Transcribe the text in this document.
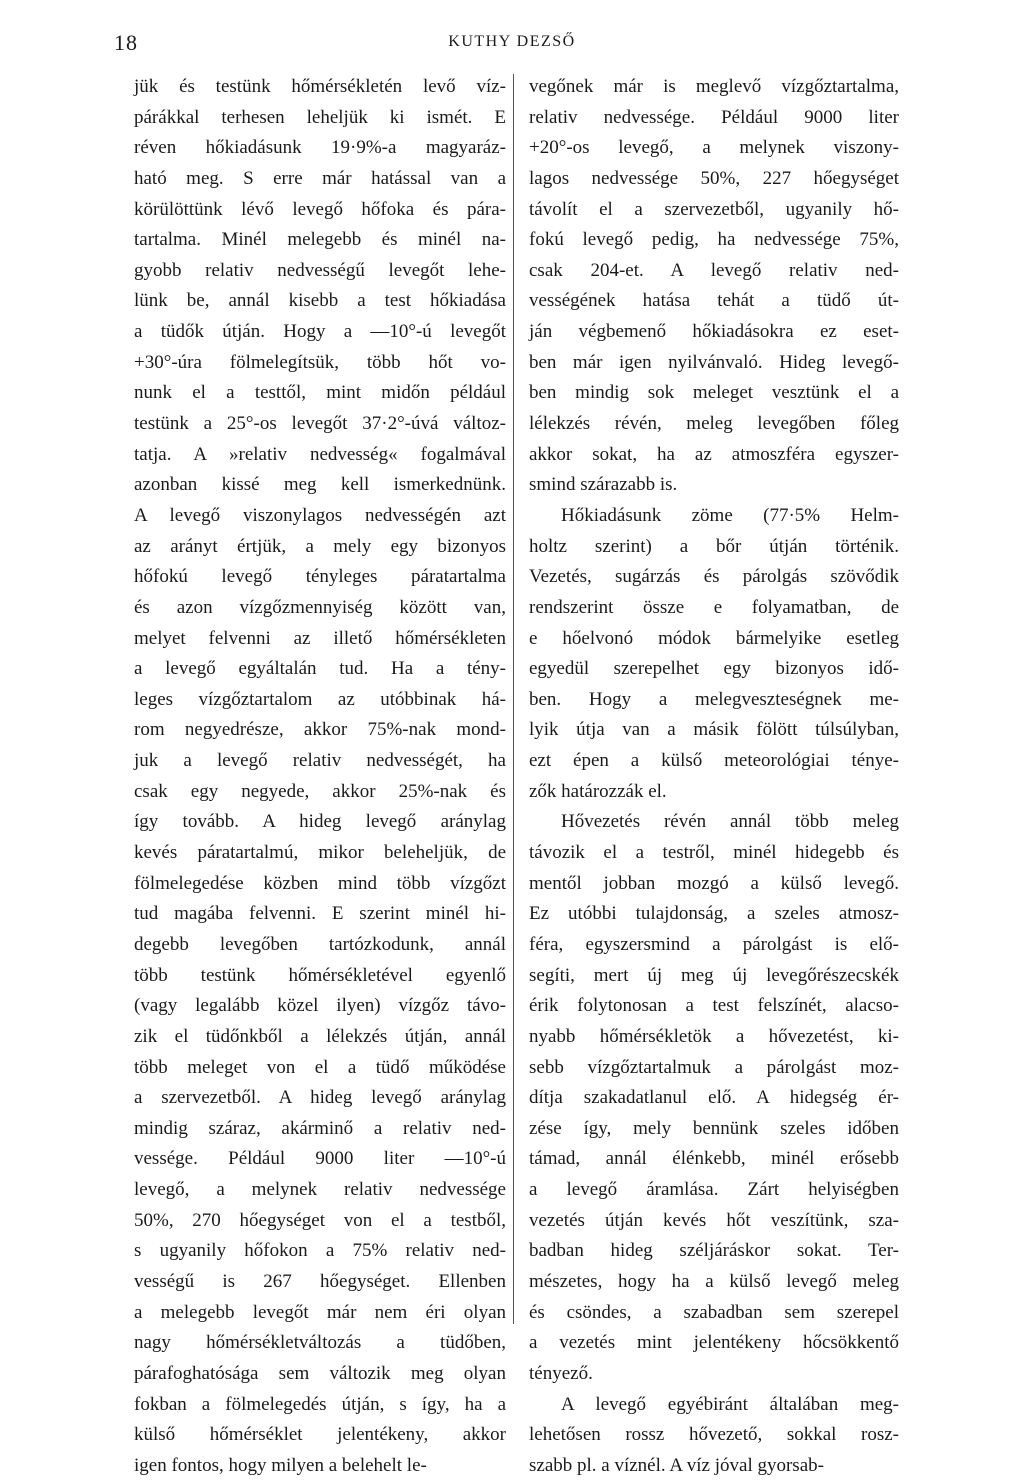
18	KUTHY DEZSŐ
jük és testünk hőmérsékletén levő víz-
párákkal terhesen leheljük ki ismét. E
réven hőkiadásunk 19·9%-a magyaráz-
ható meg. S erre már hatással van a
körülöttünk lévő levegő hőfoka és pára-
tartalma. Minél melegebb és minél na-
gyobb relativ nedvességű levegőt lehe-
lünk be, annál kisebb a test hőkiadása
a tüdők útján. Hogy a —10°-ú levegőt
+30°-úra fölmelegítsük, több hőt vo-
nunk el a testtől, mint midőn például
testünk a 25°-os levegőt 37·2°-úvá változ-
tatja. A »relativ nedvesség« fogalmával
azonban kissé meg kell ismerkednünk.
A levegő viszonylagos nedvességén azt
az arányt értjük, a mely egy bizonyos
hőfokú levegő tényleges páratartalma
és azon vízgőzmennyiség között van,
melyet felvenni az illető hőmérsékleten
a levegő egyáltalán tud. Ha a tény-
leges vízgőztartalom az utóbbinak há-
rom negyedrésze, akkor 75%-nak mond-
juk a levegő relativ nedvességét, ha
csak egy negyede, akkor 25%-nak és
így tovább. A hideg levegő aránylag
kevés páratartalmú, mikor beleheljük, de
fölmelegedése közben mind több vízgőzt
tud magába felvenni. E szerint minél hi-
degebb levegőben tartózkodunk, annál
több testünk hőmérsékletével egyenlő
(vagy legalább közel ilyen) vízgőz távo-
zik el tüdőnkből a lélekzés útján, annál
több meleget von el a tüdő működése
a szervezetből. A hideg levegő aránylag
mindig száraz, akárminő a relativ ned-
vessége. Például 9000 liter —10°-ú
levegő, a melynek relativ nedvessége
50%, 270 hőegységet von el a testből,
s ugyanily hőfokon a 75% relativ ned-
vességű is 267 hőegységet. Ellenben
a melegebb levegőt már nem éri olyan
nagy hőmérsékletváltozás a tüdőben,
párafoghatósága sem változik meg olyan
fokban a fölmelegedés útján, s így, ha a
külső hőmérséklet jelentékeny, akkor
igen fontos, hogy milyen a belehelt le-
vegőnek már is meglevő vízgőztartalma,
relativ nedvessége. Például 9000 liter
+20°-os levegő, a melynek viszony-
lagos nedvessége 50%, 227 hőegységet
távolít el a szervezetből, ugyanily hő-
fokú levegő pedig, ha nedvessége 75%,
csak 204-et. A levegő relativ ned-
vességének hatása tehát a tüdő út-
ján végbemenő hőkiadásokra ez eset-
ben már igen nyilvánvaló. Hideg levegő-
ben mindig sok meleget vesztünk el a
lélekzés révén, meleg levegőben főleg
akkor sokat, ha az atmoszféra egyszer-
smind szárazabb is.
Hőkiadásunk zöme (77·5% Helm-
holtz szerint) a bőr útján történik.
Vezetés, sugárzás és párolgás szövődik
rendszerint össze e folyamatban, de
e hőelvonó módok bármelyike esetleg
egyedül szerepelhet egy bizonyos idő-
ben. Hogy a melegveszteségnek me-
lyik útja van a másik fölött túlsúlyban,
ezt épen a külső meteorológiai ténye-
zők határozzák el.
Hővezetés révén annál több meleg
távozik el a testről, minél hidegebb és
mentől jobban mozgó a külső levegő.
Ez utóbbi tulajdonság, a szeles atmosz-
féra, egyszersmind a párolgást is elő-
segíti, mert új meg új levegőrészecskék
érik folytonosan a test felszínét, alacso-
nyabb hőmérsékletök a hővezetést, ki-
sebb vízgőztartalmuk a párolgást moz-
dítja szakadatlanul elő. A hidegség ér-
zése így, mely bennünk szeles időben
támad, annál élénkebb, minél erősebb
a levegő áramlása. Zárt helyiségben
vezetés útján kevés hőt veszítünk, sza-
badban hideg széljáráskor sokat. Ter-
mészetes, hogy ha a külső levegő meleg
és csöndes, a szabadban sem szerepel
a vezetés mint jelentékeny hőcsökkentő
tényező.
A levegő egyébiránt általában meg-
lehetősen rossz hővezető, sokkal rosz-
szabb pl. a víznél. A víz jóval gyorsab-
